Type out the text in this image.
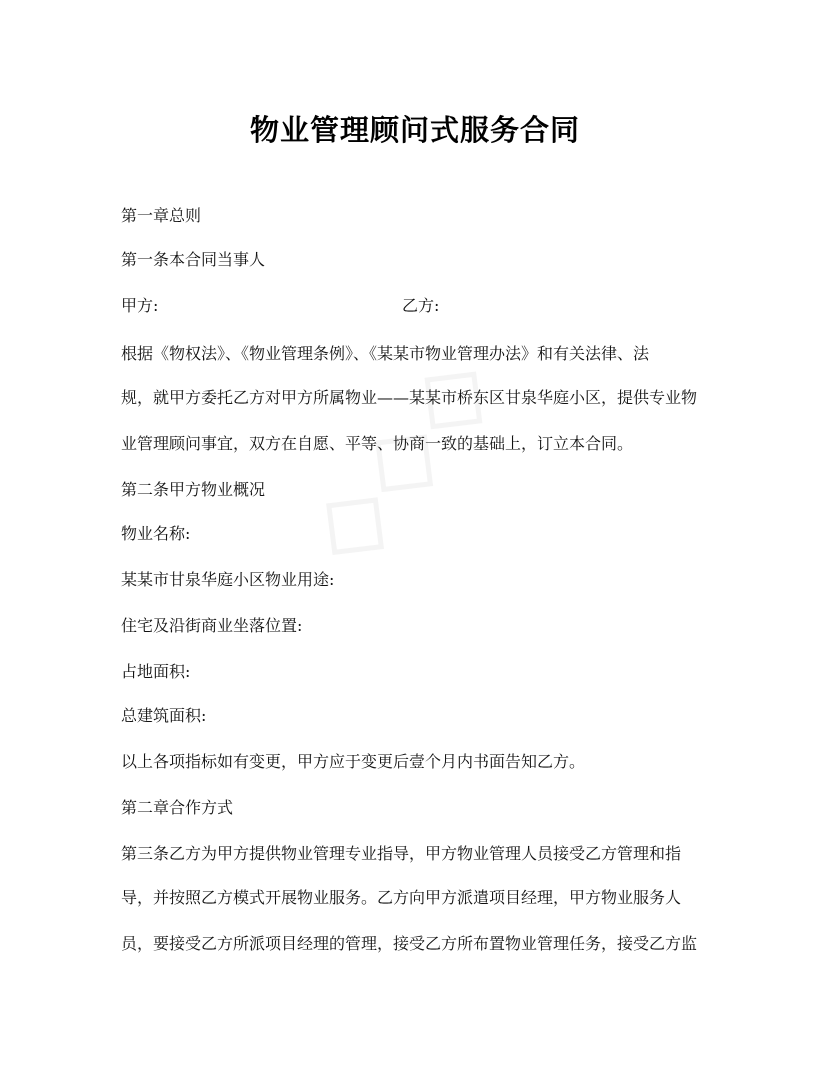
物业管理顾问式服务合同
第一章总则
第一条本合同当事人
甲方:	乙方:
根据《物权法》、《物业管理条例》、《某某市物业管理办法》和有关法律、法
规，就甲方委托乙方对甲方所属物业——某某市桥东区甘泉华庭小区，提供专业物
业管理顾问事宜，双方在自愿、平等、协商一致的基础上，订立本合同。
第二条甲方物业概况
物业名称:
某某市甘泉华庭小区物业用途:
住宅及沿街商业坐落位置:
占地面积:
总建筑面积:
以上各项指标如有变更，甲方应于变更后壹个月内书面告知乙方。
第二章合作方式
第三条乙方为甲方提供物业管理专业指导，甲方物业管理人员接受乙方管理和指
导，并按照乙方模式开展物业服务。乙方向甲方派遣项目经理，甲方物业服务人
员，要接受乙方所派项目经理的管理，接受乙方所布置物业管理任务，接受乙方监
